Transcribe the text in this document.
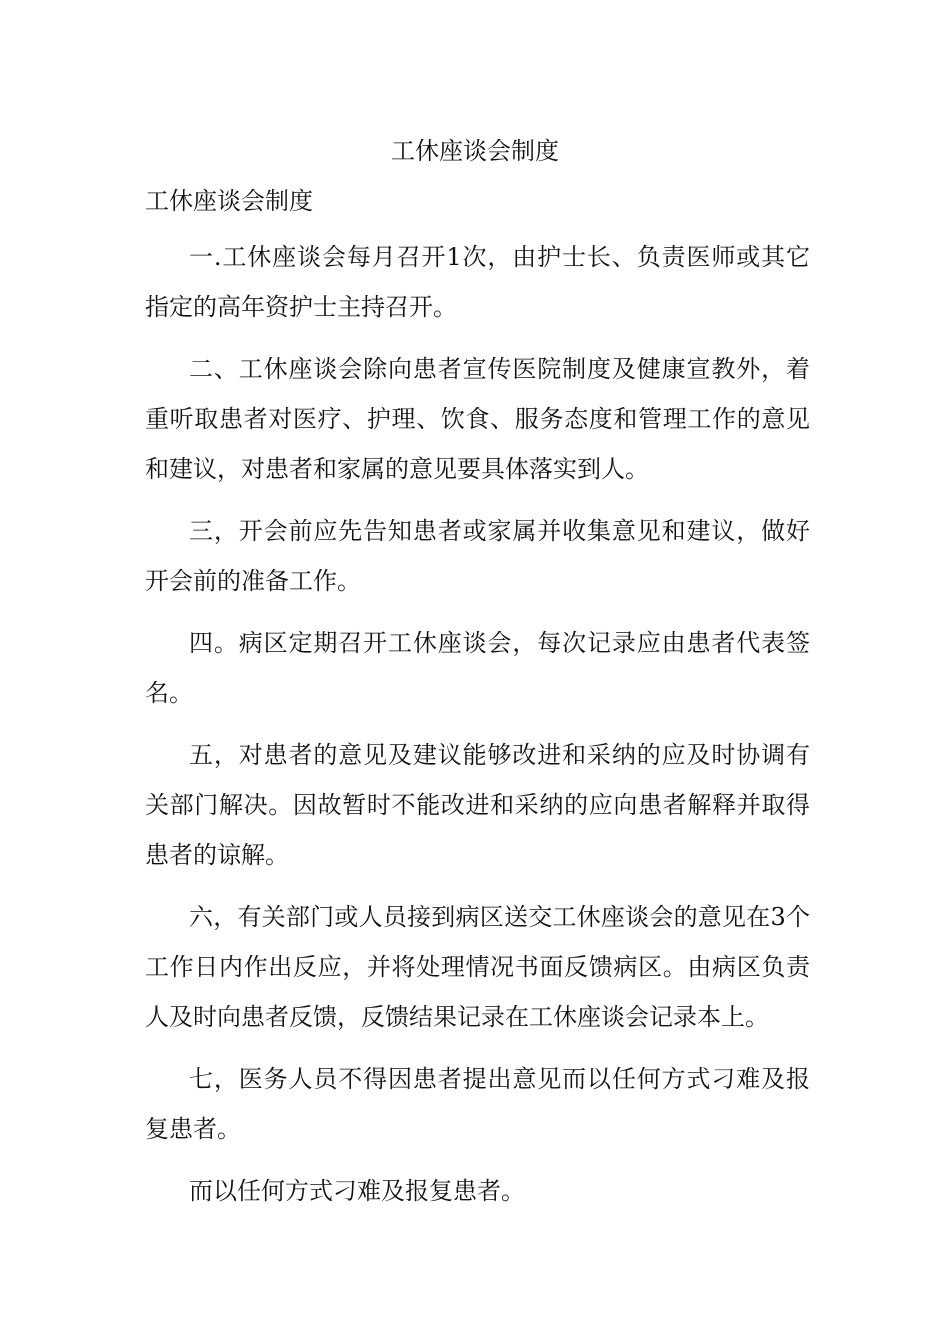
工休座谈会制度
工休座谈会制度

一.工休座谈会每月召开1次，由护士长、负责医师或其它指定的高年资护士主持召开。

二、工休座谈会除向患者宣传医院制度及健康宣教外，着重听取患者对医疗、护理、饮食、服务态度和管理工作的意见和建议，对患者和家属的意见要具体落实到人。

三，开会前应先告知患者或家属并收集意见和建议，做好开会前的准备工作。

四。病区定期召开工休座谈会，每次记录应由患者代表签名。

五，对患者的意见及建议能够改进和采纳的应及时协调有关部门解决。因故暂时不能改进和采纳的应向患者解释并取得患者的谅解。

六，有关部门或人员接到病区送交工休座谈会的意见在3个工作日内作出反应，并将处理情况书面反馈病区。由病区负责人及时向患者反馈，反馈结果记录在工休座谈会记录本上。

七，医务人员不得因患者提出意见而以任何方式刁难及报复患者。

而以任何方式刁难及报复患者。
